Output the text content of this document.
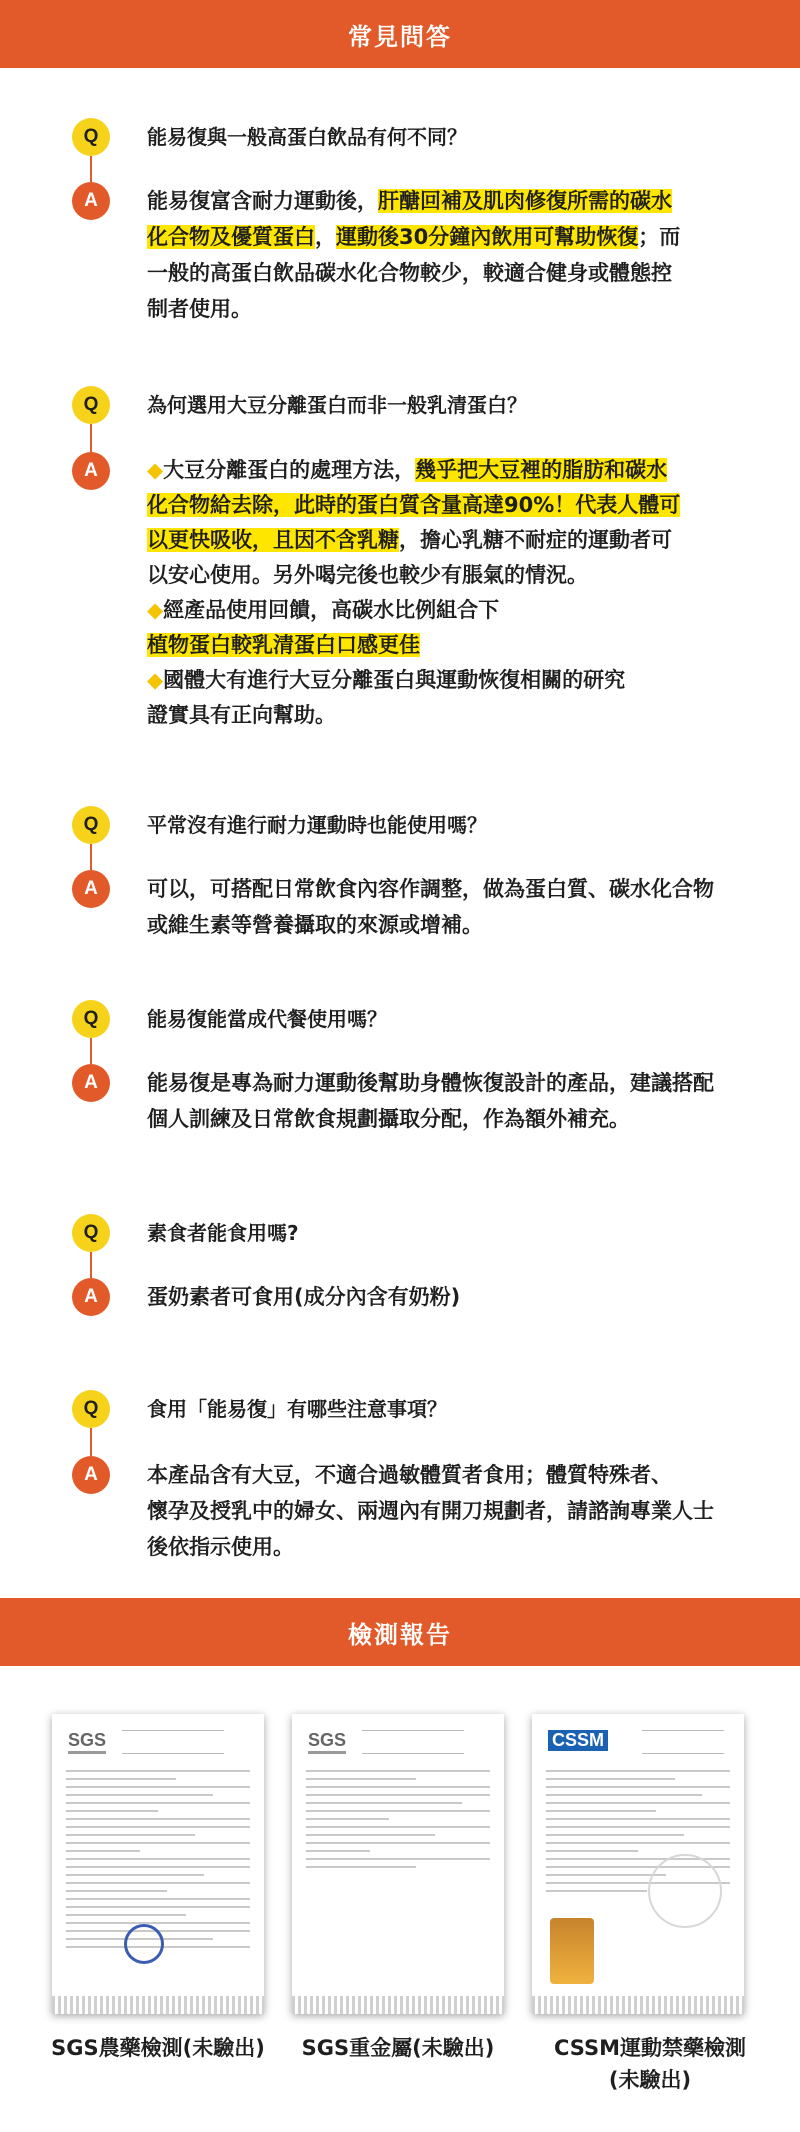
常見問答
Q	能易復與一般高蛋白飲品有何不同？
A	能易復富含耐力運動後，肝醣回補及肌肉修復所需的碳水
化合物及優質蛋白，運動後30分鐘內飲用可幫助恢復；而
一般的高蛋白飲品碳水化合物較少，較適合健身或體態控
制者使用。
Q	為何選用大豆分離蛋白而非一般乳清蛋白？
A	◆大豆分離蛋白的處理方法，幾乎把大豆裡的脂肪和碳水
化合物給去除，此時的蛋白質含量高達90%！代表人體可
以更快吸收，且因不含乳糖，擔心乳糖不耐症的運動者可
以安心使用。另外喝完後也較少有脹氣的情況。
◆經產品使用回饋，高碳水比例組合下
植物蛋白較乳清蛋白口感更佳
◆國體大有進行大豆分離蛋白與運動恢復相關的研究
證實具有正向幫助。
Q	平常沒有進行耐力運動時也能使用嗎？
A	可以，可搭配日常飲食內容作調整，做為蛋白質、碳水化合物
或維生素等營養攝取的來源或增補。
Q	能易復能當成代餐使用嗎？
A	能易復是專為耐力運動後幫助身體恢復設計的產品，建議搭配
個人訓練及日常飲食規劃攝取分配，作為額外補充。
Q	素食者能食用嗎?
A	蛋奶素者可食用(成分內含有奶粉)
Q	食用「能易復」有哪些注意事項？
A	本產品含有大豆，不適合過敏體質者食用；體質特殊者、
懷孕及授乳中的婦女、兩週內有開刀規劃者，請諮詢專業人士
後依指示使用。
檢測報告
SGS	SGS	CSSM
SGS農藥檢測(未驗出)	SGS重金屬(未驗出)	CSSM運動禁藥檢測
(未驗出)
